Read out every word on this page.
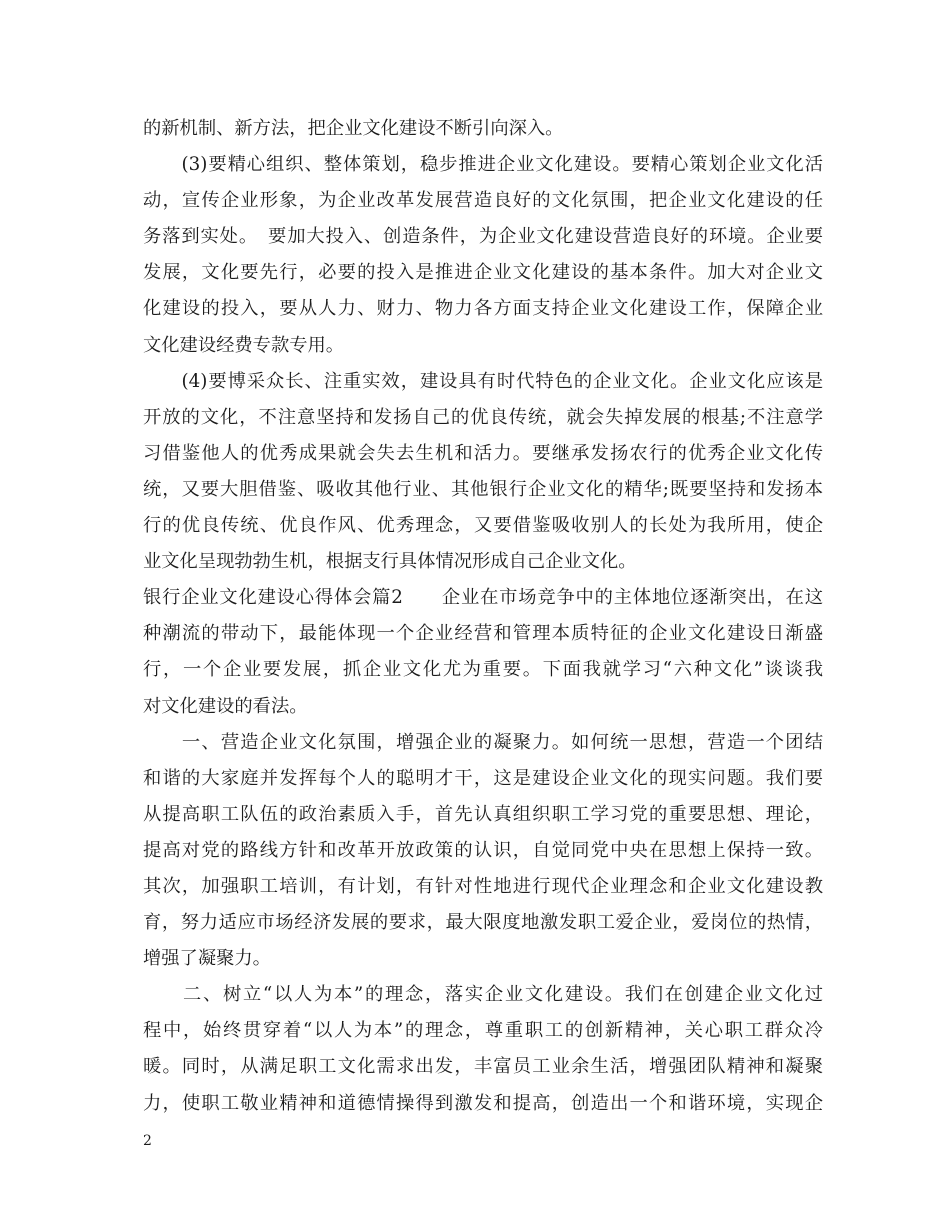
的新机制、新方法，把企业文化建设不断引向深入。
　　(3)要精心组织、整体策划，稳步推进企业文化建设。要精心策划企业文化活
动，宣传企业形象，为企业改革发展营造良好的文化氛围，把企业文化建设的任
务落到实处。　要加大投入、创造条件，为企业文化建设营造良好的环境。企业要
发展，文化要先行，必要的投入是推进企业文化建设的基本条件。加大对企业文
化建设的投入，要从人力、财力、物力各方面支持企业文化建设工作，保障企业
文化建设经费专款专用。
　　(4)要博采众长、注重实效，建设具有时代特色的企业文化。企业文化应该是
开放的文化，不注意坚持和发扬自己的优良传统，就会失掉发展的根基;不注意学
习借鉴他人的优秀成果就会失去生机和活力。要继承发扬农行的优秀企业文化传
统，又要大胆借鉴、吸收其他行业、其他银行企业文化的精华;既要坚持和发扬本
行的优良传统、优良作风、优秀理念，又要借鉴吸收别人的长处为我所用，使企
业文化呈现勃勃生机，根据支行具体情况形成自己企业文化。
银行企业文化建设心得体会篇2　　企业在市场竞争中的主体地位逐渐突出，在这
种潮流的带动下，最能体现一个企业经营和管理本质特征的企业文化建设日渐盛
行，一个企业要发展，抓企业文化尤为重要。下面我就学习“六种文化”谈谈我
对文化建设的看法。
　　一、营造企业文化氛围，增强企业的凝聚力。如何统一思想，营造一个团结
和谐的大家庭并发挥每个人的聪明才干，这是建设企业文化的现实问题。我们要
从提高职工队伍的政治素质入手，首先认真组织职工学习党的重要思想、理论，
提高对党的路线方针和改革开放政策的认识，自觉同党中央在思想上保持一致。
其次，加强职工培训，有计划，有针对性地进行现代企业理念和企业文化建设教
育，努力适应市场经济发展的要求，最大限度地激发职工爱企业，爱岗位的热情，
增强了凝聚力。
　　二、树立“以人为本”的理念，落实企业文化建设。我们在创建企业文化过
程中，始终贯穿着“以人为本”的理念，尊重职工的创新精神，关心职工群众冷
暖。同时，从满足职工文化需求出发，丰富员工业余生活，增强团队精神和凝聚
力，使职工敬业精神和道德情操得到激发和提高，创造出一个和谐环境，实现企
2
